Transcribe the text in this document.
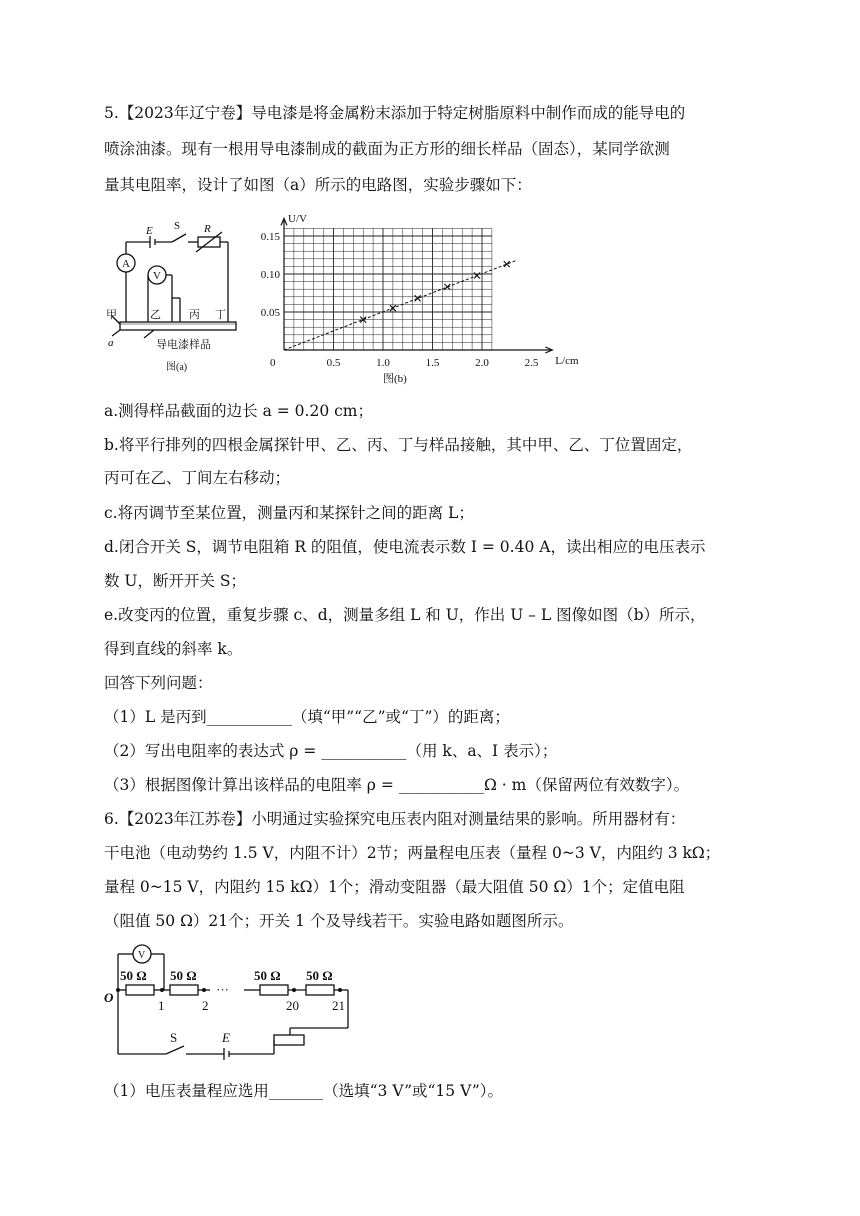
5.【2023年辽宁卷】导电漆是将金属粉末添加于特定树脂原料中制作而成的能导电的
喷涂油漆。现有一根用导电漆制成的截面为正方形的细长样品（固态），某同学欲测
量其电阻率，设计了如图（a）所示的电路图，实验步骤如下：
E S R
A
V
甲	乙	丙 丁
导电漆样品
a
图(a)
U/V
L/cm
0
0.05
0.10
0.15
0.5	1.0	1.5	2.0	2.5
图(b)
a.测得样品截面的边长 a = 0.20 cm；
b.将平行排列的四根金属探针甲、乙、丙、丁与样品接触，其中甲、乙、丁位置固定，
丙可在乙、丁间左右移动；
c.将丙调节至某位置，测量丙和某探针之间的距离 L；
d.闭合开关 S，调节电阻箱 R 的阻值，使电流表示数 I = 0.40 A，读出相应的电压表示
数 U，断开开关 S；
e.改变丙的位置，重复步骤 c、d，测量多组 L 和 U，作出 U – L 图像如图（b）所示，
得到直线的斜率 k。
回答下列问题：
（1）L 是丙到___________（填“甲”“乙”或“丁”）的距离；
（2）写出电阻率的表达式 ρ = ___________（用 k、a、I 表示）；
（3）根据图像计算出该样品的电阻率 ρ = ___________Ω · m（保留两位有效数字）。
6.【2023年江苏卷】小明通过实验探究电压表内阻对测量结果的影响。所用器材有：
干电池（电动势约 1.5 V，内阻不计）2节；两量程电压表（量程 0~3 V，内阻约 3 kΩ；
量程 0~15 V，内阻约 15 kΩ）1个；滑动变阻器（最大阻值 50 Ω）1个；定值电阻
（阻值 50 Ω）21个；开关 1 个及导线若干。实验电路如题图所示。
V
50 Ω 50 Ω	50 Ω 50 Ω
O
1	2
···
20	21
S	E
（1）电压表量程应选用_______（选填“3 V”或“15 V”）。
